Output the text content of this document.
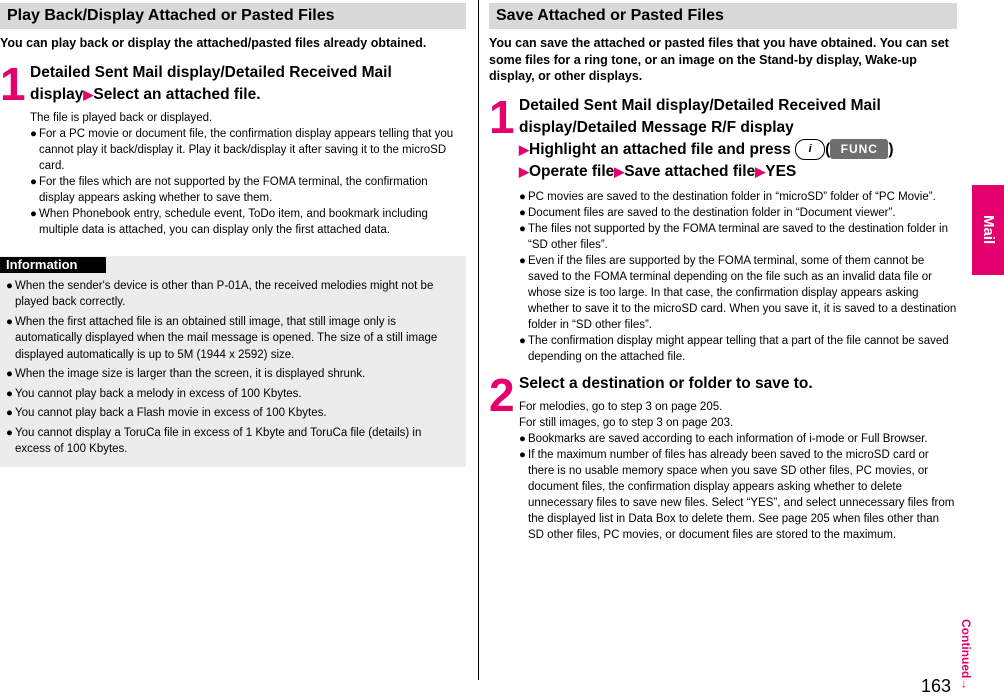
Play Back/Display Attached or Pasted Files
You can play back or display the attached/pasted files already obtained.
1 Detailed Sent Mail display/Detailed Received Mail display▶Select an attached file.
The file is played back or displayed.
● For a PC movie or document file, the confirmation display appears telling that you cannot play it back/display it. Play it back/display it after saving it to the microSD card.
● For the files which are not supported by the FOMA terminal, the confirmation display appears asking whether to save them.
● When Phonebook entry, schedule event, ToDo item, and bookmark including multiple data is attached, you can display only the first attached data.
Information
● When the sender's device is other than P-01A, the received melodies might not be played back correctly.
● When the first attached file is an obtained still image, that still image only is automatically displayed when the mail message is opened. The size of a still image displayed automatically is up to 5M (1944 x 2592) size.
● When the image size is larger than the screen, it is displayed shrunk.
● You cannot play back a melody in excess of 100 Kbytes.
● You cannot play back a Flash movie in excess of 100 Kbytes.
● You cannot display a ToruCa file in excess of 1 Kbyte and ToruCa file (details) in excess of 100 Kbytes.
Save Attached or Pasted Files
You can save the attached or pasted files that you have obtained. You can set some files for a ring tone, or an image on the Stand-by display, Wake-up display, or other displays.
1 Detailed Sent Mail display/Detailed Received Mail display/Detailed Message R/F display
▶Highlight an attached file and press i ( FUNC )
▶Operate file▶Save attached file▶YES
● PC movies are saved to the destination folder in “microSD” folder of “PC Movie”.
● Document files are saved to the destination folder in “Document viewer”.
● The files not supported by the FOMA terminal are saved to the destination folder in “SD other files”.
● Even if the files are supported by the FOMA terminal, some of them cannot be saved to the FOMA terminal depending on the file such as an invalid data file or whose size is too large. In that case, the confirmation display appears asking whether to save it to the microSD card. When you save it, it is saved to a destination folder in “SD other files”.
● The confirmation display might appear telling that a part of the file cannot be saved depending on the attached file.
2 Select a destination or folder to save to.
For melodies, go to step 3 on page 205.
For still images, go to step 3 on page 203.
● Bookmarks are saved according to each information of i-mode or Full Browser.
● If the maximum number of files has already been saved to the microSD card or there is no usable memory space when you save SD other files, PC movies, or document files, the confirmation display appears asking whether to delete unnecessary files to save new files. Select “YES”, and select unnecessary files from the displayed list in Data Box to delete them. See page 205 when files other than SD other files, PC movies, or document files are stored to the maximum.
Mail
Continued→
163
